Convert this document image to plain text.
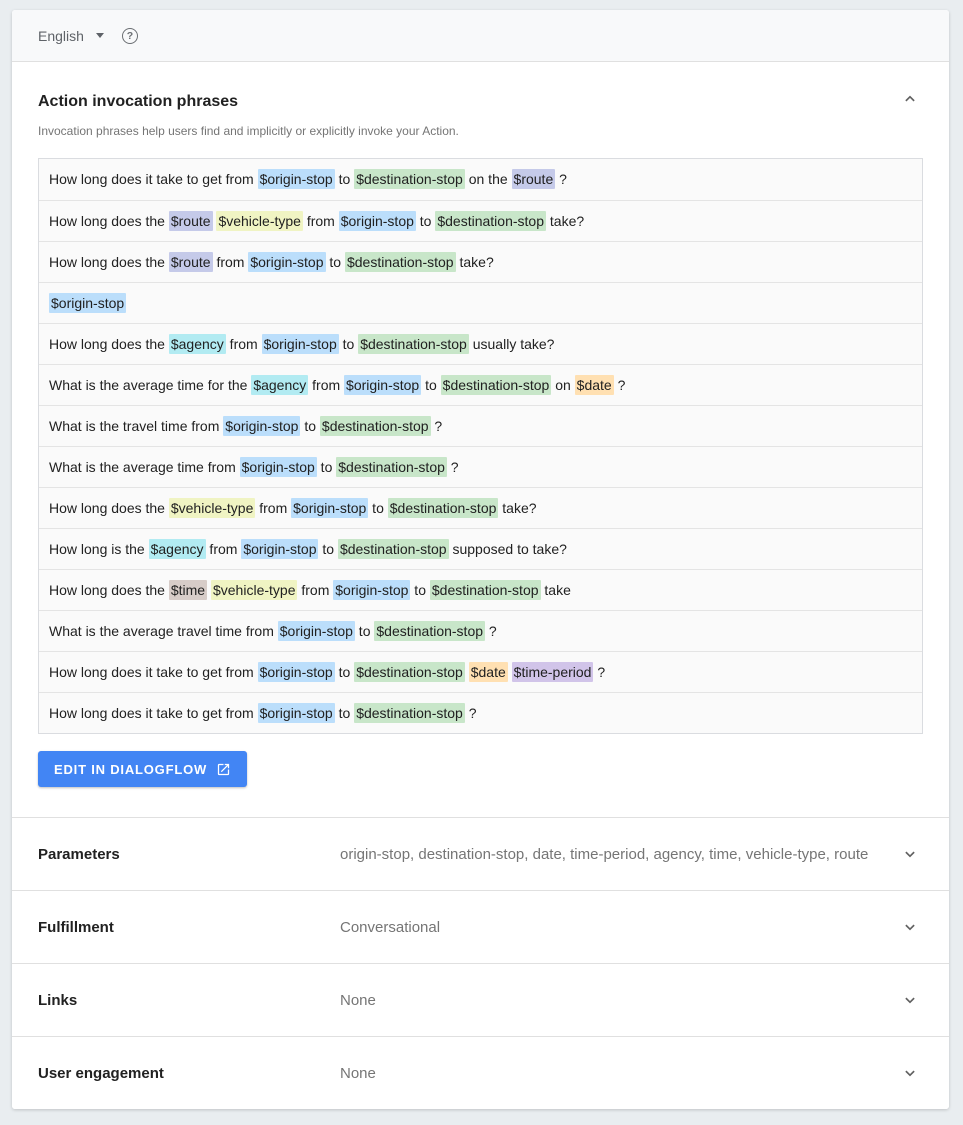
English	?
Action invocation phrases
Invocation phrases help users find and implicitly or explicitly invoke your Action.
How long does it take to get from $origin-stop to $destination-stop on the $route ?
How long does the $route $vehicle-type from $origin-stop to $destination-stop take?
How long does the $route from $origin-stop to $destination-stop take?
$origin-stop
How long does the $agency from $origin-stop to $destination-stop usually take?
What is the average time for the $agency from $origin-stop to $destination-stop on $date ?
What is the travel time from $origin-stop to $destination-stop ?
What is the average time from $origin-stop to $destination-stop ?
How long does the $vehicle-type from $origin-stop to $destination-stop take?
How long is the $agency from $origin-stop to $destination-stop supposed to take?
How long does the $time $vehicle-type from $origin-stop to $destination-stop take
What is the average travel time from $origin-stop to $destination-stop ?
How long does it take to get from $origin-stop to $destination-stop $date $time-period ?
How long does it take to get from $origin-stop to $destination-stop ?
EDIT IN DIALOGFLOW
Parameters	origin-stop, destination-stop, date, time-period, agency, time, vehicle-type, route
Fulfillment	Conversational
Links	None
User engagement	None
